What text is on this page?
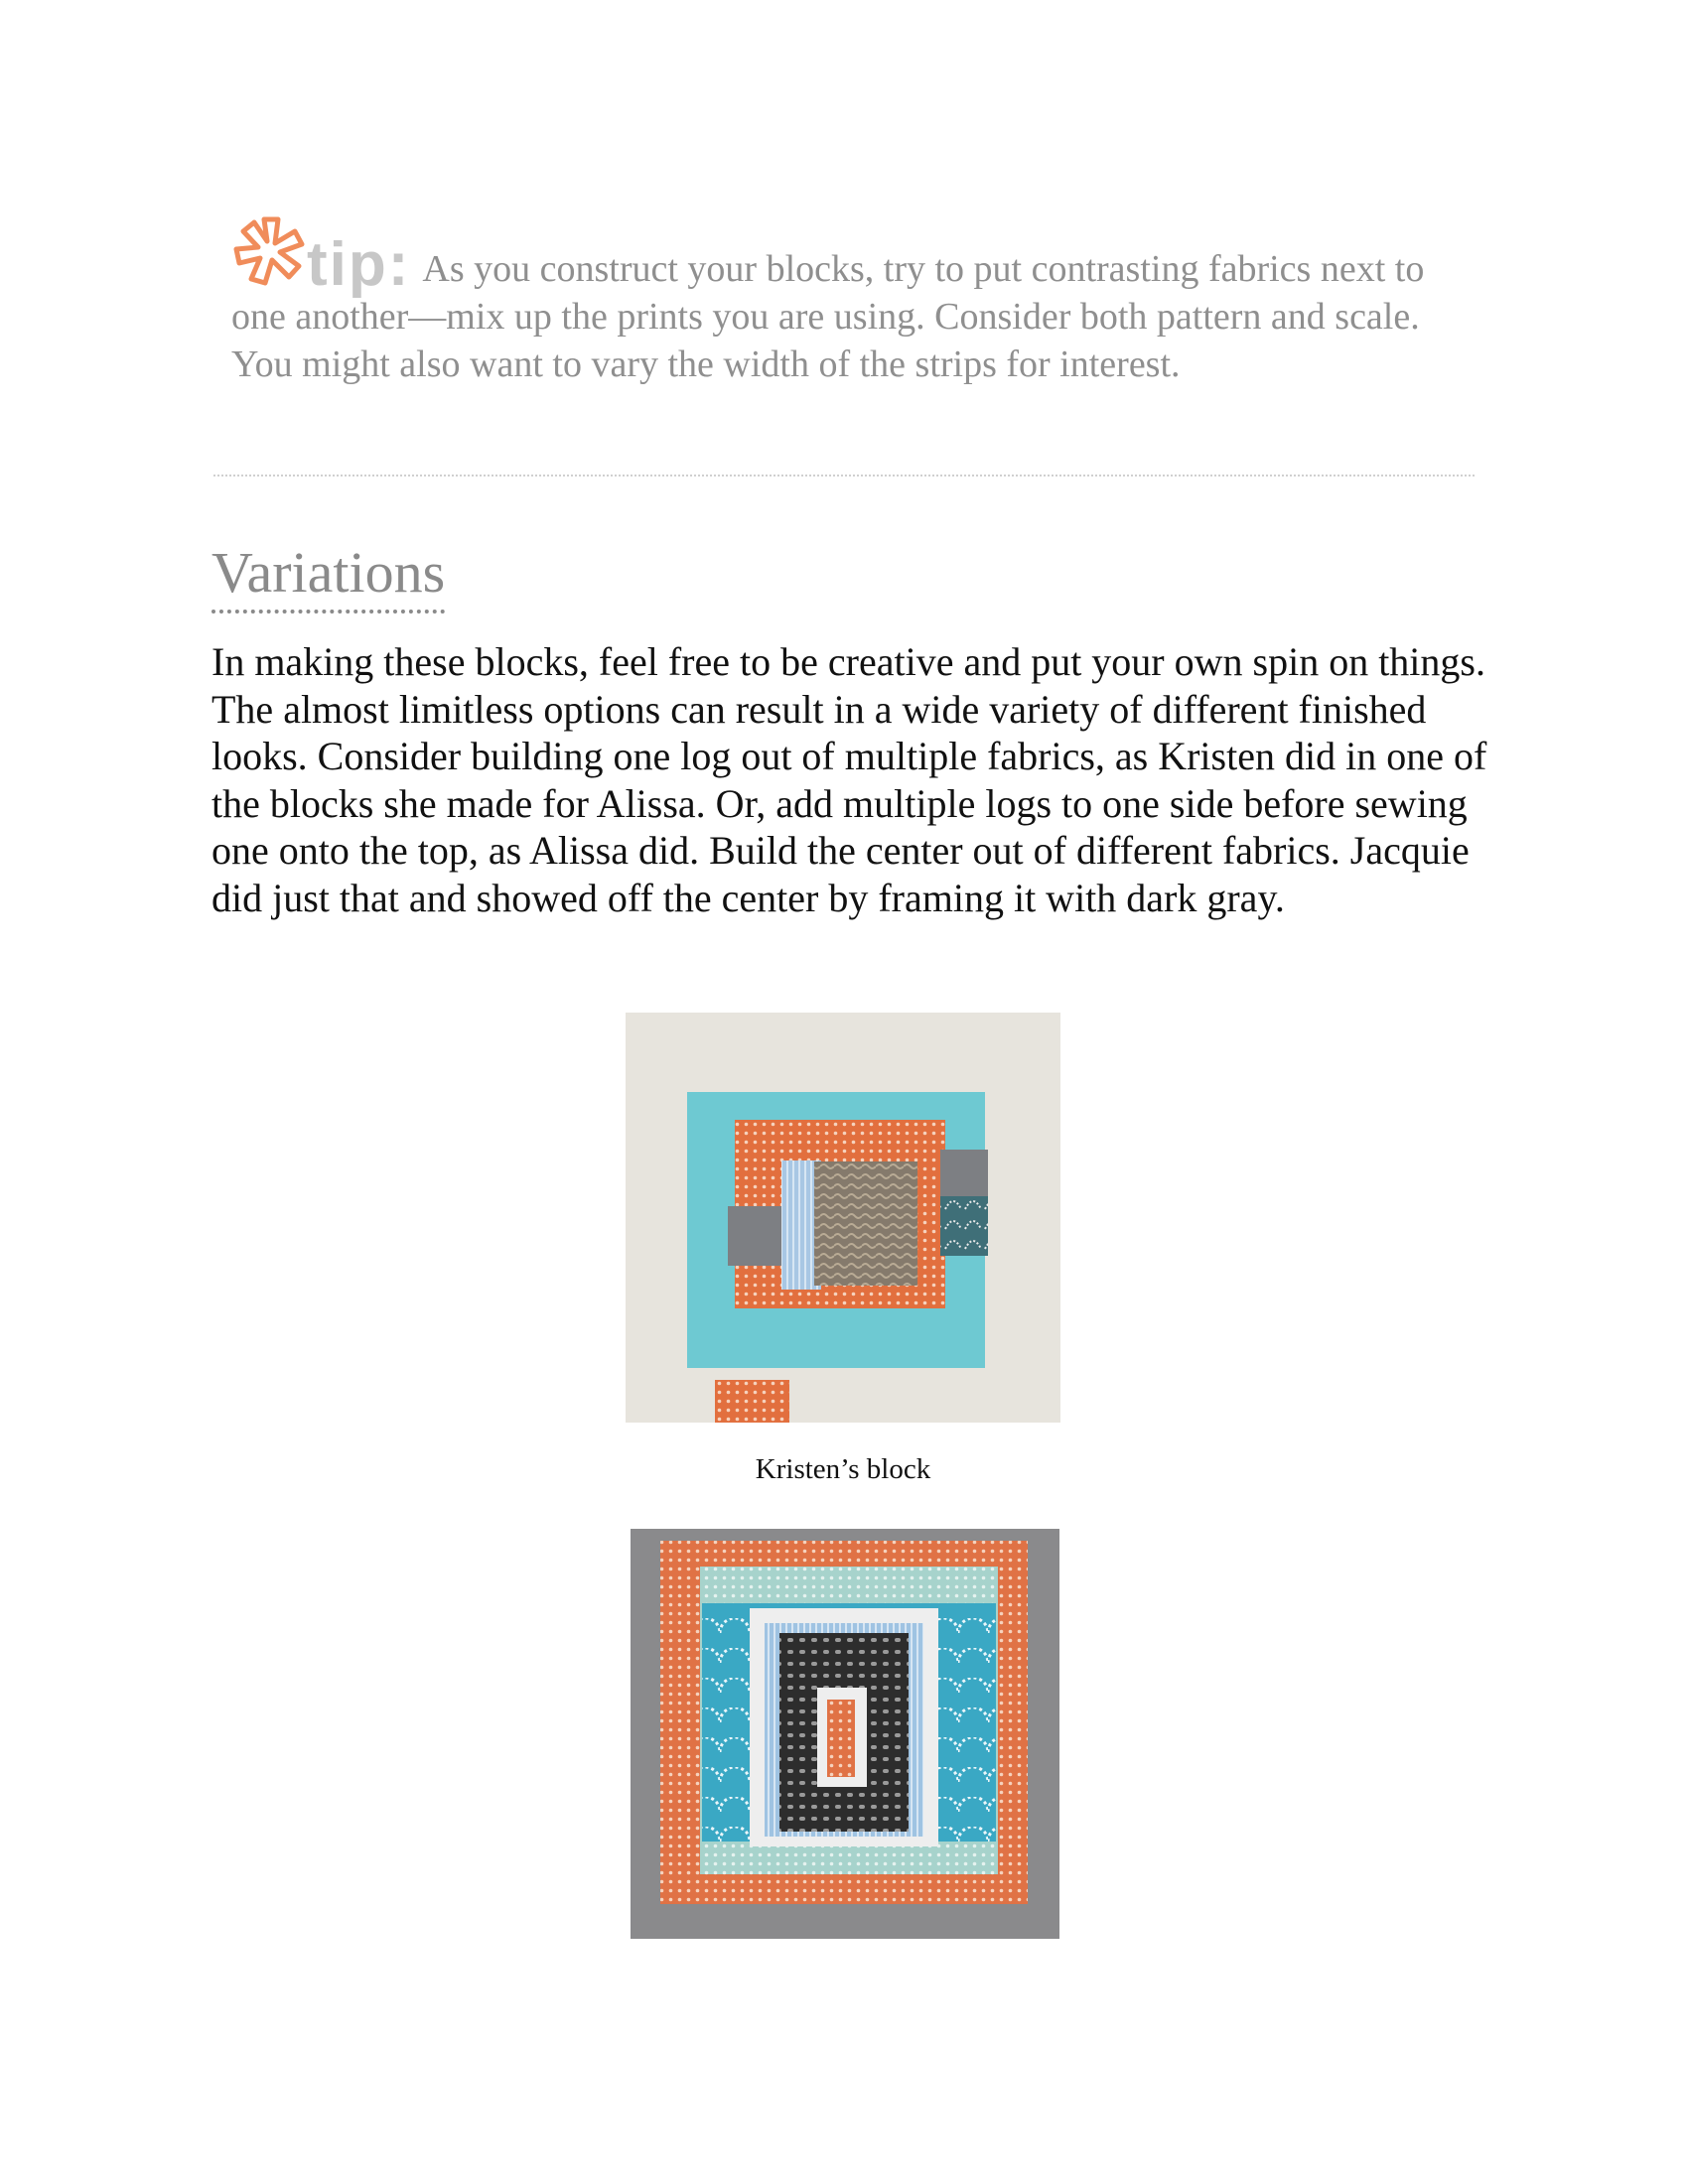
tip: As you construct your blocks, try to put contrasting fabrics next to one another—mix up the prints you are using. Consider both pattern and scale. You might also want to vary the width of the strips for interest.
Variations

In making these blocks, feel free to be creative and put your own spin on things. The almost limitless options can result in a wide variety of different finished looks. Consider building one log out of multiple fabrics, as Kristen did in one of the blocks she made for Alissa. Or, add multiple logs to one side before sewing one onto the top, as Alissa did. Build the center out of different fabrics. Jacquie did just that and showed off the center by framing it with dark gray.

Kristen’s block
